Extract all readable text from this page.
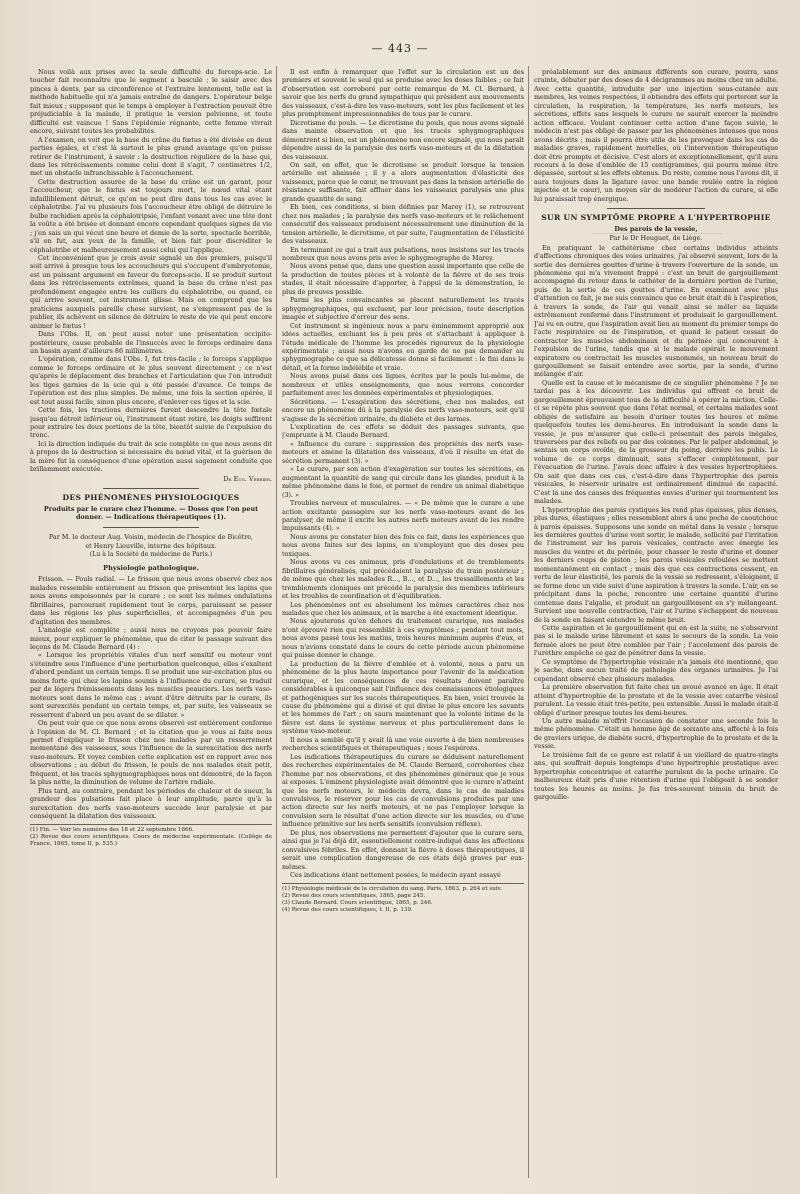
— 443 —

Nous voilà aux prises avec la seule difficulté du forceps-scie. Le toucher fait reconnaître que le segment a basculé ; le saisir avec des pinces à dents, par sa circonférence et l'extraire lentement, telle est la méthode habituelle qui n'a jamais entraîné de dangers. L'opérateur belge fait mieux ; supposant que le temps à employer à l'extraction pouvait être préjudiciable à la malade, il pratique la version pelvienne, et toute difficulté est vaincue ! Sans l'épidémie régnante, cette femme vivrait encore, suivant toutes les probabilités.

A l'examen, on voit que la base du crâne du fœtus a été divisée en deux parties égales, et c'est là surtout le plus grand avantage qu'on puisse retirer de l'instrument, à savoir : la destruction régulière de la base qui, dans les rétrécissements comme celui dont il s'agit, 7 centimètres 1/2, met un obstacle infranchissable à l'accouchement.

Cette destruction assurée de la base du crâne est un garant, pour l'accoucheur, que le fœtus est toujours mort, le nœud vital étant infailliblement détruit, ce qu'on ne peut dire dans tous les cas avec le céphalotribe. J'ai vu plusieurs fois l'accoucheur être obligé de détruire le bulbe rachidien après la céphalotripsie, l'enfant venant avec une tête dont la voûte a été brisée et donnant encore cependant quelques signes de vie ; j'en sais un qui vécut une heure et demie de la sorte, spectacle horrible, s'il en fut, aux yeux de la famille, et bien fait pour discréditer le céphalotribe et malheureusement aussi celui qui l'applique.

Cet inconvénient que je crois avoir signalé un des premiers, puisqu'il soit arrivé à presque tous les accoucheurs qui s'occupent d'embryotomie, est un puissant argument en faveur du forceps-scie. Il se produit surtout dans les rétrécissements extrêmes, quand la base du crâne n'est pas profondément engagée entre les cuillers du céphalotribe, ou quand, ce qui arrive souvent, cet instrument glisse. Mais on comprend que les praticiens auxquels pareille chose survient, ne s'empressent pas de la publier, ils achèvent en silence de détruire le reste de vie qui peut encore animer le fœtus !

Dans l'Obs. II, on peut aussi noter une présentation occipito-postérieure, cause probable de l'insuccès avec le forceps ordinaire dans un bassin ayant d'ailleurs 86 millimètres.

L'opération, comme dans l'Obs. I, fut très-facile ; le forceps s'applique comme le forceps ordinaire et le plus souvent directement ; ce n'est qu'après le déplacement des branches et l'articulation que l'on introduit les tiges garnies de la scie qui a été passée d'avance. Ce temps de l'opération est des plus simples. De même, une fois la section opérée, il est tout aussi facile, sinon plus encore, d'enlever ces tiges et la scie.

Cette fois, les tractions dernières furent descendre la tête fœtale jusqu'au détroit inférieur où, l'instrument étant retiré, les doigts suffirent pour extraire les deux portions de la tête, bientôt suivie de l'expulsion du tronc.

Ici la direction indiquée du trait de scie complète ce que nous avons dit à propos de la destruction si nécessaire du nœud vital, et la guérison de la mère fut la conséquence d'une opération aussi sagement conduite que brillamment exécutée.

Dr Eug. Verrier.
DES PHÉNOMÈNES PHYSIOLOGIQUES
Produits par le curare chez l'homme. — Doses que l'on peut donner. — Indications thérapeutiques (1).
Par M. le docteur Aug. Voisin, médecin de l'hospice de Bicêtre,
et Henry Liouville, interne des hôpitaux.
(Lu à la Société de médecine de Paris.)
Physiologie pathologique.

Frisson. — Pouls radial. — Le frisson que nous avons observé chez nos malades ressemble entièrement au frisson que présentent les lapins que nous avons empoisonnés par le curare ; ce sont les mêmes ondulations fibrillaires, parcourant rapidement tout le corps, paraissant se passer dans les régions les plus superficielles, et accompagnées d'un peu d'agitation des membres.

L'analogie est complète ; aussi nous ne croyons pas pouvoir faire mieux, pour expliquer le phénomène, que de citer le passage suivant des leçons de M. Claude Bernard (4) :

« Lorsque les propriétés vitales d'un nerf sensitif ou moteur vont s'éteindre sous l'influence d'une perturbation quelconque, elles s'exaltent d'abord pendant un certain temps. Il se produit une sur-excitation plus ou moins forte qui chez les lapins soumis à l'influence du curare, se traduit par de légers frémissements dans les muscles peauciers. Les nerfs vaso-moteurs sont dans le même cas : avant d'être détruits par le curare, ils sont surexcités pendant un certain temps, et, par suite, les vaisseaux se resserrent d'abord un peu avant de se dilater. »

On peut voir que ce que nous avons observé est entièrement conforme à l'opinion de M. Cl. Bernard ; et la citation que je vous ai faite nous permet d'expliquer le frisson chez nos malades par un resserrement momentané des vaisseaux, sous l'influence de la surexcitation des nerfs vaso-moteurs. Et voyez combien cette explication est en rapport avec nos observations ; au début du frisson, le pouls de nos malades était petit, fréquent, et les tracés sphygmographiques nous ont démontré, de la façon la plus nette, la diminution de volume de l'artère radiale.

Plus tard, au contraire, pendant les périodes de chaleur et de sueur, la grandeur des pulsations fait place à leur amplitude, parce qu'à la surexcitation des nerfs vaso-moteurs succède leur paralysie et par conséquent la dilatation des vaisseaux.

(1) Fin. — Voir les numéros des 18 et 22 septembre 1866.

(2) Revue des cours scientifiques. Cours de médecine expérimentale. (Collège de France, 1865, tome II, p. 535.)

Il est enfin à remarquer que l'effet sur la circulation est un des premiers et souvent le seul qui se produise avec les doses faibles ; ce fait d'observation est corroboré par cette remarque de M. Cl. Bernard, à savoir que les nerfs du grand sympathique qui président aux mouvements des vaisseaux, c'est-à-dire les vaso-moteurs, sont les plus facilement et les plus promptement impressionnables de tous par le curare.

Dicrotisme du pouls. — Le dicrotisme du pouls, que nous avons signalé dans mainte observation et que les tracés sphygmographiques démontrent si bien, est un phénomène non encore signalé, qui nous paraît dépendre aussi de la paralysie des nerfs vaso-moteurs et de la dilatation des vaisseaux.

On sait, en effet, que le dicrotisme se produit lorsque la tension artérielle est abaissée ; il y a alors augmentation d'élasticité des vaisseaux, parce que le cœur, ne trouvant pas dans la tension artérielle de résistance suffisante, fait affluer dans les vaisseaux paralysés une plus grande quantité de sang.

Eh bien, ces conditions, si bien définies par Marey (1), se retrouvent chez nos malades ; la paralysie des nerfs vaso-moteurs et le relâchement consécutif des vaisseaux produisent nécessairement une diminution de la tension artérielle, le dicrotisme, et par suite, l'augmentation de l'élasticité des vaisseaux.

En terminant ce qui a trait aux pulsations, nous insistons sur les tracés nombreux que nous avons pris avec le sphygmographe de Marey.

Nous avons pensé que, dans une question aussi importante que celle de la production de toutes pièces et à volonté de la fièvre et de ses trois stades, il était nécessaire d'apporter, à l'appui de la démonstration, le plus de preuves possible.

Parmi les plus convaincantes se placent naturellement les tracés sphygmographiques, qui excluent, par leur précision, toute description imagée et subjective d'erreur des sens.

Cet instrument si ingénieux nous a paru éminemment approprié aux idées actuelles, excluant les à peu près et s'attachant à appliquer à l'étude médicale de l'homme les procédés rigoureux de la physiologie expérimentale ; aussi nous n'avons eu garde de ne pas demander au sphygmographe ce que sa délicatesse donne si facilement : le fini dans le détail, et la forme indélébile et vraie.

Nous avons puisé dans ces lignes, écrites par le pouls lui-même, de nombreux et utiles enseignements, que nous verrons concorder parfaitement avec les données expérimentales et physiologiques.

Sécrétions. — L'exagération des sécrétions, chez nos malades, est encore un phénomène dû à la paralysie des nerfs vaso-moteurs, soit qu'il s'agisse de la sécrétion urinaire, du diabète et des larmes.

L'explication de ces effets se déduit des passages suivants, que j'emprunte à M. Claude Bernard.

« Influence du curare : suppression des propriétés des nerfs vaso-moteurs et amène la dilatation des vaisseaux, d'où il résulte un état de sécrétion permanent (3). »

« Le curare, par son action d'exagération sur toutes les sécrétions, en augmentant la quantité de sang qui circule dans les glandes, produit à la même phénomène dans le foie, et permet de rendre un animal diabétique (3). »

Troubles nerveux et musculaires. — « De même que le curare a une action excitante passagère sur les nerfs vaso-moteurs avant de les paralyser, de même il excite les autres nerfs moteurs avant de les rendre impuissants (4). »

Nous avons pu constater bien des fois ce fait, dans les expériences que nous avons faites sur des lapins, en n'employant que des doses peu toxiques.

Nous avons vu ces animaux, pris d'ondulations et de tremblements fibrillaires généralisés, qui précédaient la paralysie du train postérieur ; de même que chez les malades R..., B..., et D..., les tressaillements et les tremblements cloniques ont précédé la paralysie des membres inférieurs et les troubles de coordination et d'équilibration.

Les phénomènes ont eu absolument les mêmes caractères chez nos malades que chez les animaux, et la marche a été exactement identique.

Nous ajouterons qu'en dehors du traitement curarique, nos malades n'ont éprouvé rien qui ressemblât à ces symptômes ; pendant tout mois, nous avons passé tous les matins, trois heures minimum auprès d'eux, et nous n'avions constaté dans le cours de cette période aucun phénomène qui puisse donner le change.

La production de la fièvre d'emblée et à volonté, nous a paru un phénomène de la plus haute importance pour l'avenir de la médication curarique, et les conséquences de ces résultats doivent paraître considérables à quiconque sait l'influence des connaissances étiologiques et pathogéniques sur les succès thérapeutiques. En bien, voici trouvée la cause du phénomène qui a divisé et qui divise le plus encore les savants et les hommes de l'art ; on saura maintenant que la volonté intime de la fièvre est dans le système nerveux et plus particulièrement dans le système vaso-moteur.

Il nous a semblé qu'il y avait là une voie ouverte à de bien nombreuses recherches scientifiques et thérapeutiques ; nous l'espérons.

Les indications thérapeutiques du curare se déduisent naturellement des recherches expérimentales de M. Claude Bernard, corroborées chez l'homme par nos observations, et des phénomènes généraux que je vous ai exposés. L'éminent physiologiste avait démontré que le curare n'atteint que les nerfs moteurs, le médecin devra, dans le cas de maladies convulsives, le réserver pour les cas de convulsions produites par une action directe sur les nerfs moteurs, et ne pas l'employer lorsque la convulsion sera le résultat d'une action directe sur les muscles, ou d'une influence primitive sur les nerfs sensitifs (convulsion réflexe).

De plus, nos observations me permettent d'ajouter que le curare sera, ainsi que je l'ai déjà dit, essentiellement contre-indiqué dans les affections convulsives fébriles. En effet, donnant la fièvre à doses thérapeutiques, il serait une complication dangereuse de ces états déjà graves par eux-mêmes.

Ces indications étant nettement posées, le médecin ayant essayé

(1) Physiologie médicale de la circulation du sang. Paris, 1863, p. 264 et suiv.

(2) Revue des cours scientifiques, 1865, page 245.

(3) Claude Bernard. Cours scientifique, 1865, p. 246.

(4) Revue des cours scientifiques, t. II, p. 139.

préalablement sur des animaux différents son curare, pourra, sans crainte, débuter par des doses de 4 décigrammes au moins chez un adulte. Avec cette quantité, introduite par une injection sous-cutanée aux membres, les veines respectées, il obtiendra des effets qui porteront sur la circulation, la respiration, la température, les nerfs moteurs, les sécrétions, effets sans lesquels le curare ne saurait exercer la moindre action efficace. Voulant continuer cette action d'une façon suivie, le médecin n'est pas obligé de passer par les phénomènes intenses que nous avons décrits ; mais il pourra être utile de les provoquer dans les cas de maladies graves, rapidement mortelles, où l'intervention thérapeutique doit être prompte et décisive. C'est alors et exceptionnellement, qu'il aura recours à la dose d'emblée de 15 centigrammes, qui pourra même être dépassée, surtout si les effets obtenus. Du reste, comme nous l'avons dit, il aura toujours dans la ligature (avec une bande roulée entre la région injectée et le cœur), un moyen sûr de modérer l'action du curare, si elle lui paraissait trop énergique.

SUR UN SYMPTÔME PROPRE A L'HYPERTROPHIE
Des parois de la vessie,
Par le Dr Heuguet, de Liège.

En pratiquant le cathétérisme chez certains individus atteints d'affections chroniques des voies urinaires, j'ai observé souvent, lors de la sortie des dernières gouttes d'urine à travers l'ouverture de la sonde, un phénomène qui m'a vivement frappé : c'est un bruit de gargouillement accompagné du retour dans le cathéter de la dernière portion de l'urine, puis de la sortie de ces gouttes d'urine. En examinant avec plus d'attention ce fait, je me suis convaincu que ce bruit était dû à l'aspiration, à travers la sonde, de l'air qui venait ainsi se mêler au liquide extrêmement renfermé dans l'instrument et produisait le gargouillement. J'ai vu en outre, que l'aspiration avait lieu au moment du premier temps de l'acte respiratoire ou de l'inspiration, et quand le patient cessait de contracter les muscles abdominaux et du périnée qui concourent à l'expulsion de l'urine, tandis que si le malade opérait le mouvement expiratoire ou contractait les muscles susnommés, un nouveau bruit de gargouillement se faisait entendre avec sortie, par la sonde, d'urine mélangée d'air.

Quelle est la cause et le mécanisme de ce singulier phénomène ? Je ne tardai pas à les découvrir. Les individus qui offrent ce bruit de gargouillement éprouvaient tous de la difficulté à opérer la miction. Celle-ci se répète plus souvent que dans l'état normal, et certains malades sont obligés de satisfaire au besoin d'uriner toutes les heures et même quelquefois toutes les demi-heures. En introduisant la sonde dans la vessie, je pus m'assurer que celle-ci présentait des parois inégales, traversées par des reliefs ou par des colonnes. Par le palper abdominal, je sentais un corps ovoïde, de la grosseur du poing, derrière les pubis. Le volume de ce corps diminuait, sans s'effacer complètement, par l'évacuation de l'urine. J'avais donc affaire à des vessies hypertrophiées. On sait que dans ces cas, c'est-à-dire dans l'hypertrophie des parois vésicales, le réservoir urinaire est ordinairement diminué de capacité. C'est là une des causes des fréquentes envies d'uriner qui tourmentent les malades.

L'hypertrophie des parois cystiques les rend plus épaisses, plus denses, plus dures, élastiques ; elles ressemblent alors à une poche de caoutchouc à parois épaisses. Supposons une sonde en métal dans la vessie ; lorsque les dernières gouttes d'urine vont sortir, le malade, sollicité par l'irritation de l'instrument sur les parois vésicales, contracte avec énergie les muscles du ventre et du périnée, pour chasser le reste d'urine et donner les derniers coups de piston ; les parois vésicales refoulées se mettent momentanément en contact ; mais dès que ces contractions cessent, en vertu de leur élasticité, les parois de la vessie se redressent, s'éloignent, il se forme donc un vide suivi d'une aspiration à travers la sonde. L'air, en se précipitant dans la poche, rencontre une certaine quantité d'urine contenue dans l'algalie, et produit un gargouillement en s'y mélangeant. Survient une nouvelle contraction, l'air et l'urine s'échappent de nouveau de la sonde en faisant entendre le même bruit.

Cette aspiration et le gargouillement qui en est la suite, ne s'observent pas si le malade urine librement et sans le secours de la sonde. La voie fermée alors ne peut être comblée par l'air ; l'accolement des parois de l'urèthre empêche ce gaz de pénétrer dans la vessie.

Ce symptôme de l'hypertrophie vésicale n'a jamais été mentionné, que je sache, dans aucun traité de pathologie des organes urinaires. Je l'ai cependant observé chez plusieurs malades.

La première observation fut faite chez un avoué avancé en âge. Il était atteint d'hypertrophie de la prostate et de la vessie avec catarrhe vésical purulent. La vessie était très-petite, peu extensible. Aussi le malade était-il obligé d'uriner presque toutes les demi-heures.

Un autre malade m'offrit l'occasion de constater une seconde fois le même phénomène. C'était un homme âgé de soixante ans, affecté à la fois de graviers urique, de diabète sucré, d'hypertrophie de la prostate et de la vessie.

Le troisième fait de ce genre est relatif à un vieillard de quatre-vingts ans, qui souffrait depuis longtemps d'une hypertrophie prostatique avec hypertrophie concentrique et catarrhe purulent de la poche urinaire. Ce malheureux était pris d'une rétention d'urine qui l'obligeait à se sonder toutes les heures au moins. Je fus très-souvent témoin du bruit de gargouille-
